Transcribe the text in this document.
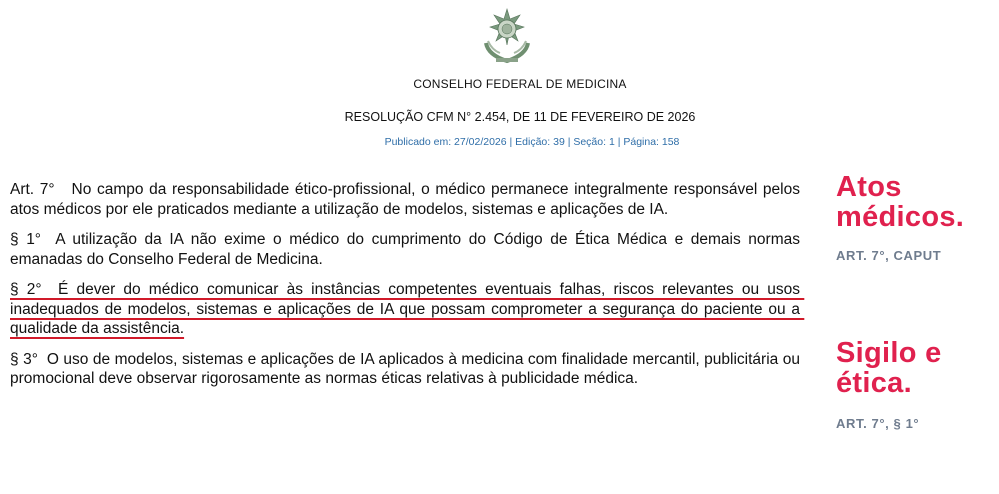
CONSELHO FEDERAL DE MEDICINA
RESOLUÇÃO CFM N° 2.454, DE 11 DE FEVEREIRO DE 2026
Publicado em: 27/02/2026 | Edição: 39 | Seção: 1 | Página: 158

Art. 7°   No campo da responsabilidade ético-profissional, o médico permanece integralmente responsável pelos atos médicos por ele praticados mediante a utilização de modelos, sistemas e aplicações de IA.

§ 1°  A utilização da IA não exime o médico do cumprimento do Código de Ética Médica e demais normas emanadas do Conselho Federal de Medicina.

§ 2°  É dever do médico comunicar às instâncias competentes eventuais falhas, riscos relevantes ou usos inadequados de modelos, sistemas e aplicações de IA que possam comprometer a segurança do paciente ou a qualidade da assistência.

§ 3°  O uso de modelos, sistemas e aplicações de IA aplicados à medicina com finalidade mercantil, publicitária ou promocional deve observar rigorosamente as normas éticas relativas à publicidade médica.

Atos
médicos.
ART. 7°, CAPUT
Sigilo e
ética.
ART. 7°, § 1°
